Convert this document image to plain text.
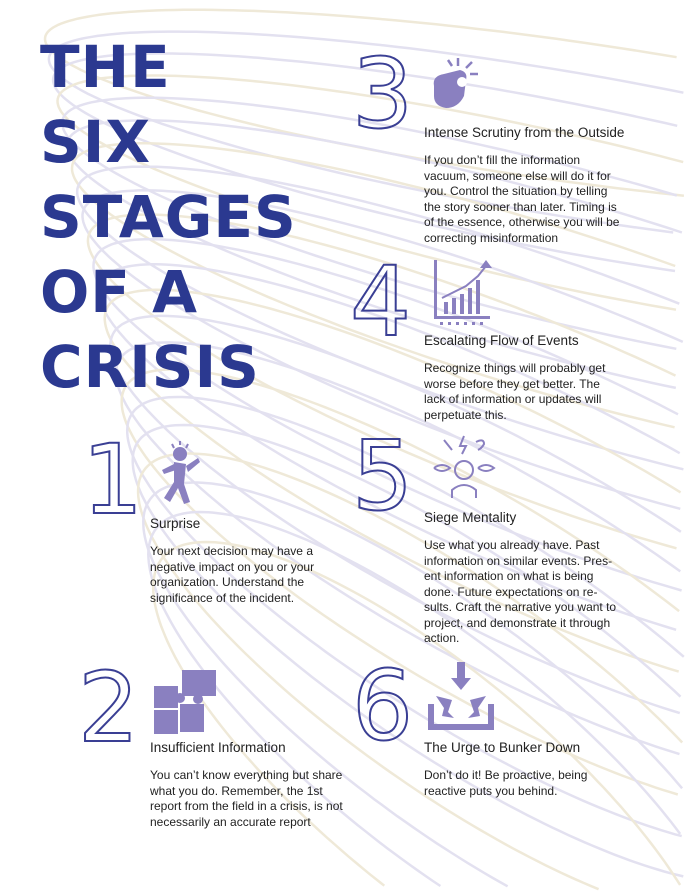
THE
SIX
STAGES
OF A
CRISIS
1 Surprise
Your next decision may have a negative impact on you or your organization. Understand the significance of the incident.
2 Insufficient Information
You can’t know everything but share what you do. Remember, the 1st report from the field in a crisis, is not necessarily an accurate report
3 Intense Scrutiny from the Outside
If you don’t fill the information vacuum, someone else will do it for you. Control the situation by telling the story sooner than later. Timing is of the essence, otherwise you will be correcting misinformation
4 Escalating Flow of Events
Recognize things will probably get worse before they get better. The lack of information or updates will perpetuate this.
5 Siege Mentality
Use what you already have. Past information on similar events. Pres-ent information on what is being done. Future expectations on re-sults. Craft the narrative you want to project, and demonstrate it through action.
6 The Urge to Bunker Down
Don’t do it! Be proactive, being reactive puts you behind.
